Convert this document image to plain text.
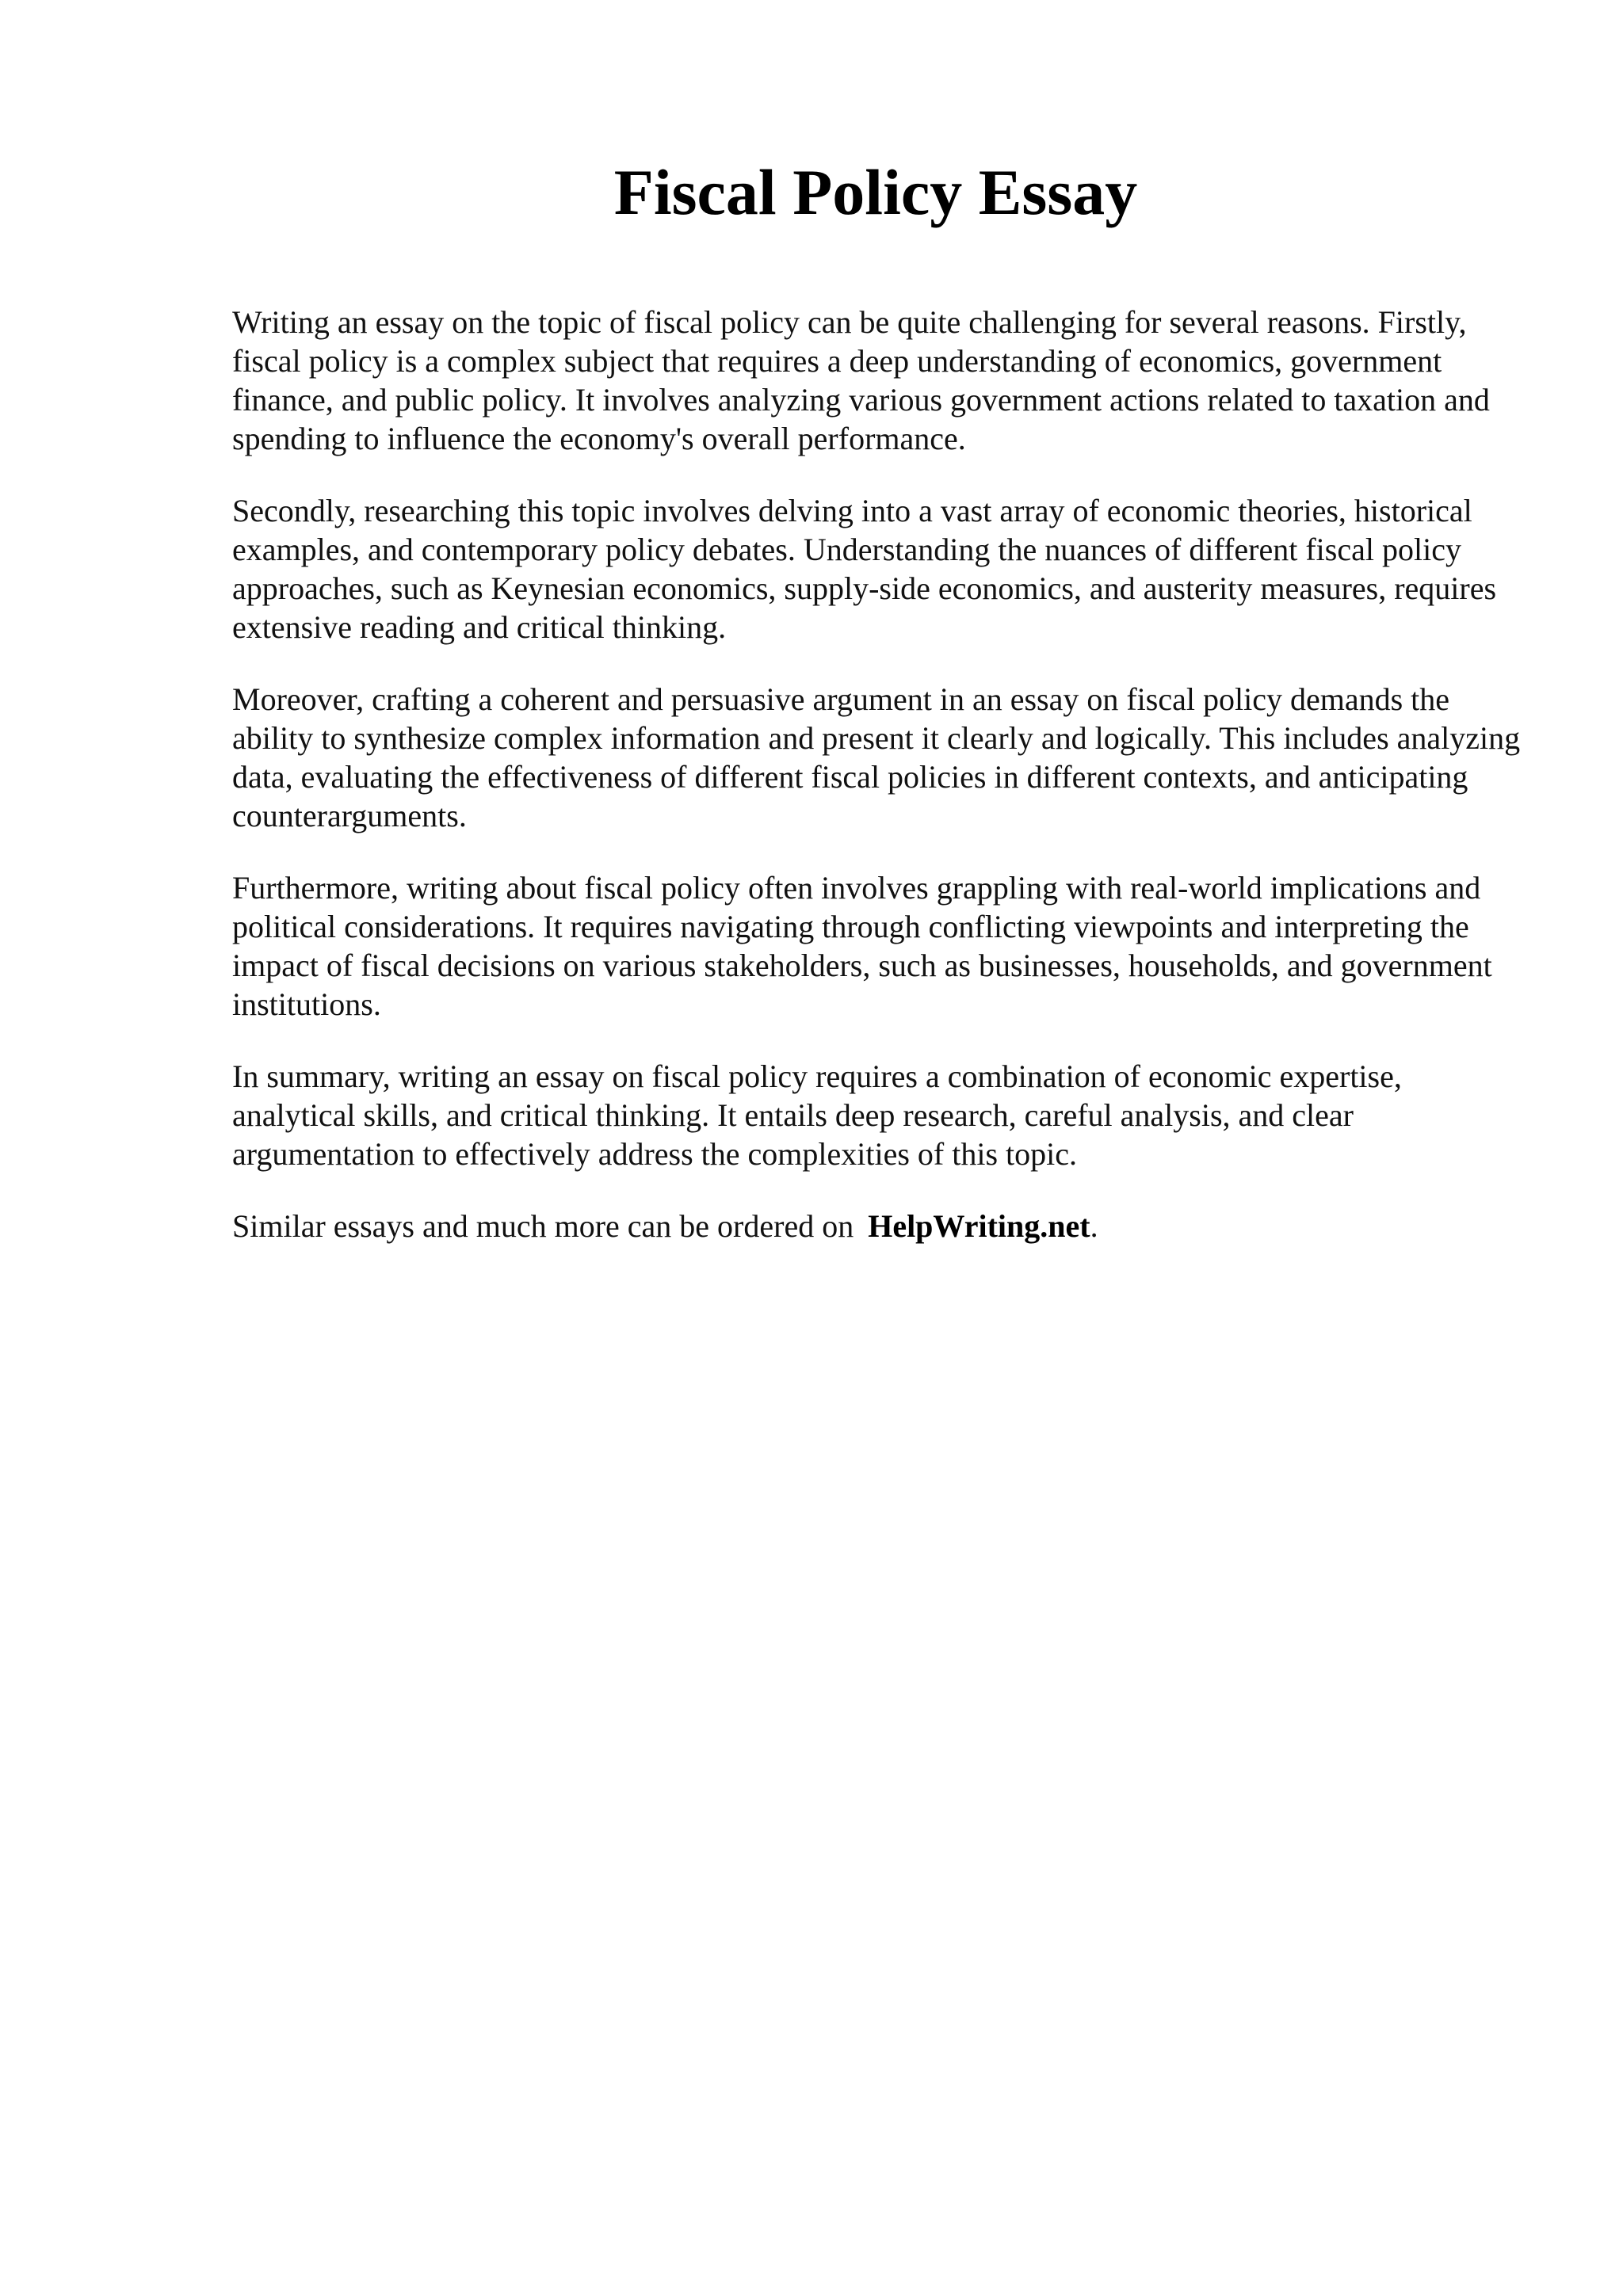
Fiscal Policy Essay

Writing an essay on the topic of fiscal policy can be quite challenging for several reasons. Firstly, fiscal policy is a complex subject that requires a deep understanding of economics, government finance, and public policy. It involves analyzing various government actions related to taxation and spending to influence the economy's overall performance.

Secondly, researching this topic involves delving into a vast array of economic theories, historical examples, and contemporary policy debates. Understanding the nuances of different fiscal policy approaches, such as Keynesian economics, supply-side economics, and austerity measures, requires extensive reading and critical thinking.

Moreover, crafting a coherent and persuasive argument in an essay on fiscal policy demands the ability to synthesize complex information and present it clearly and logically. This includes analyzing data, evaluating the effectiveness of different fiscal policies in different contexts, and anticipating counterarguments.

Furthermore, writing about fiscal policy often involves grappling with real-world implications and political considerations. It requires navigating through conflicting viewpoints and interpreting the impact of fiscal decisions on various stakeholders, such as businesses, households, and government institutions.

In summary, writing an essay on fiscal policy requires a combination of economic expertise, analytical skills, and critical thinking. It entails deep research, careful analysis, and clear argumentation to effectively address the complexities of this topic.

Similar essays and much more can be ordered on HelpWriting.net.
